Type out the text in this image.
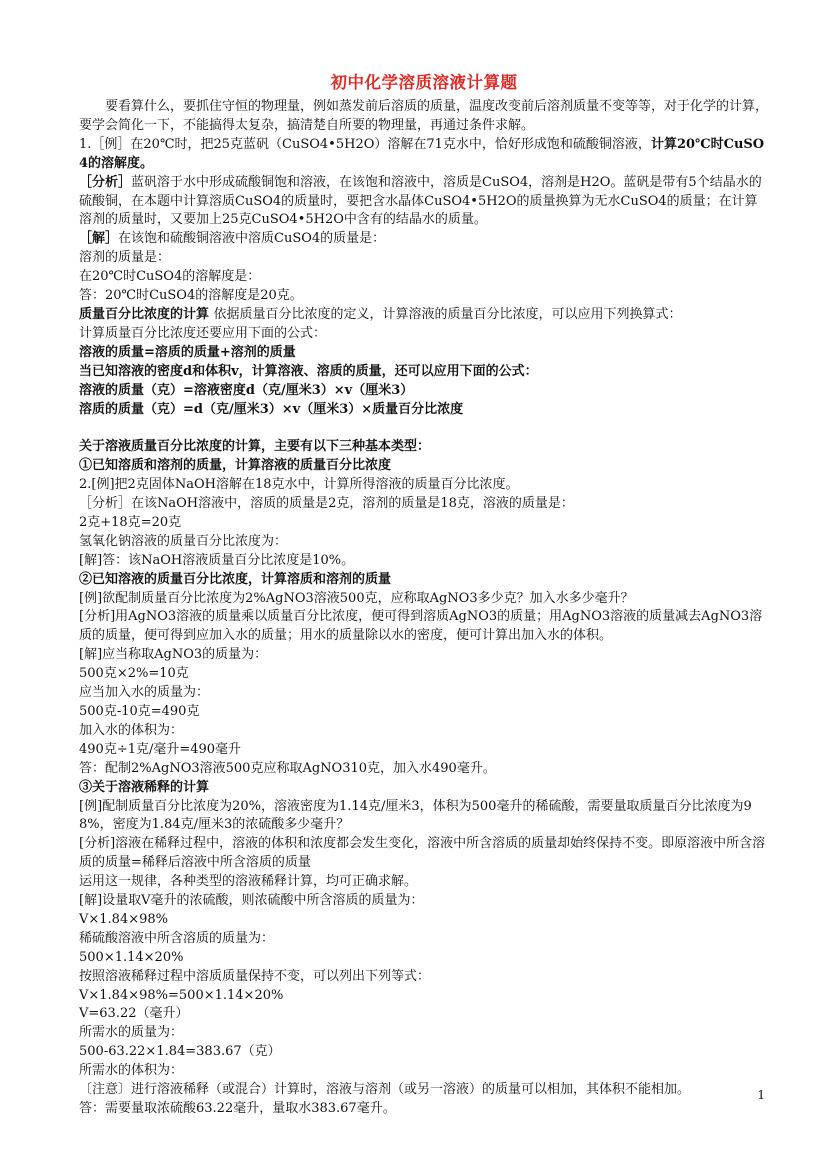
初中化学溶质溶液计算题

要看算什么，要抓住守恒的物理量，例如蒸发前后溶质的质量，温度改变前后溶剂质量不变等等，对于化学的计算，要学会简化一下，不能搞得太复杂，搞清楚自所要的物理量，再通过条件求解。

1.［例］在20℃时，把25克蓝矾（CuSO4•5H2O）溶解在71克水中，恰好形成饱和硫酸铜溶液，计算20℃时CuSO4的溶解度。

［分析］蓝矾溶于水中形成硫酸铜饱和溶液，在该饱和溶液中，溶质是CuSO4，溶剂是H2O。蓝矾是带有5个结晶水的硫酸铜，在本题中计算溶质CuSO4的质量时，要把含水晶体CuSO4•5H2O的质量换算为无水CuSO4的质量；在计算溶剂的质量时，又要加上25克CuSO4•5H2O中含有的结晶水的质量。

［解］在该饱和硫酸铜溶液中溶质CuSO4的质量是：

溶剂的质量是：

在20℃时CuSO4的溶解度是：

答：20℃时CuSO4的溶解度是20克。

质量百分比浓度的计算 依据质量百分比浓度的定义，计算溶液的质量百分比浓度，可以应用下列换算式：

计算质量百分比浓度还要应用下面的公式：

溶液的质量=溶质的质量+溶剂的质量

当已知溶液的密度d和体积v，计算溶液、溶质的质量，还可以应用下面的公式：

溶液的质量（克）=溶液密度d（克/厘米3）×v（厘米3）

溶质的质量（克）=d（克/厘米3）×v（厘米3）×质量百分比浓度

关于溶液质量百分比浓度的计算，主要有以下三种基本类型：

①已知溶质和溶剂的质量，计算溶液的质量百分比浓度

2.[例]把2克固体NaOH溶解在18克水中，计算所得溶液的质量百分比浓度。

［分析］在该NaOH溶液中，溶质的质量是2克，溶剂的质量是18克，溶液的质量是：

2克+18克=20克

氢氧化钠溶液的质量百分比浓度为：

[解]答：该NaOH溶液质量百分比浓度是10%。

②已知溶液的质量百分比浓度，计算溶质和溶剂的质量

[例]欲配制质量百分比浓度为2%AgNO3溶液500克，应称取AgNO3多少克？加入水多少毫升？

[分析]用AgNO3溶液的质量乘以质量百分比浓度，便可得到溶质AgNO3的质量；用AgNO3溶液的质量减去AgNO3溶质的质量，便可得到应加入水的质量；用水的质量除以水的密度，便可计算出加入水的体积。

[解]应当称取AgNO3的质量为：

500克×2%=10克

应当加入水的质量为：

500克-10克=490克

加入水的体积为：

490克÷1克/毫升=490毫升

答：配制2%AgNO3溶液500克应称取AgNO310克，加入水490毫升。

③关于溶液稀释的计算

[例]配制质量百分比浓度为20%，溶液密度为1.14克/厘米3，体积为500毫升的稀硫酸，需要量取质量百分比浓度为98%，密度为1.84克/厘米3的浓硫酸多少毫升？

[分析]溶液在稀释过程中，溶液的体积和浓度都会发生变化，溶液中所含溶质的质量却始终保持不变。即原溶液中所含溶质的质量=稀释后溶液中所含溶质的质量

运用这一规律，各种类型的溶液稀释计算，均可正确求解。

[解]设量取V毫升的浓硫酸，则浓硫酸中所含溶质的质量为：

V×1.84×98%

稀硫酸溶液中所含溶质的质量为：

500×1.14×20%

按照溶液稀释过程中溶质质量保持不变，可以列出下列等式：

V×1.84×98%=500×1.14×20%

V=63.22（毫升）

所需水的质量为：

500-63.22×1.84=383.67（克）

所需水的体积为：

〔注意〕进行溶液稀释（或混合）计算时，溶液与溶剂（或另一溶液）的质量可以相加，其体积不能相加。

答：需要量取浓硫酸63.22毫升，量取水383.67毫升。

1
